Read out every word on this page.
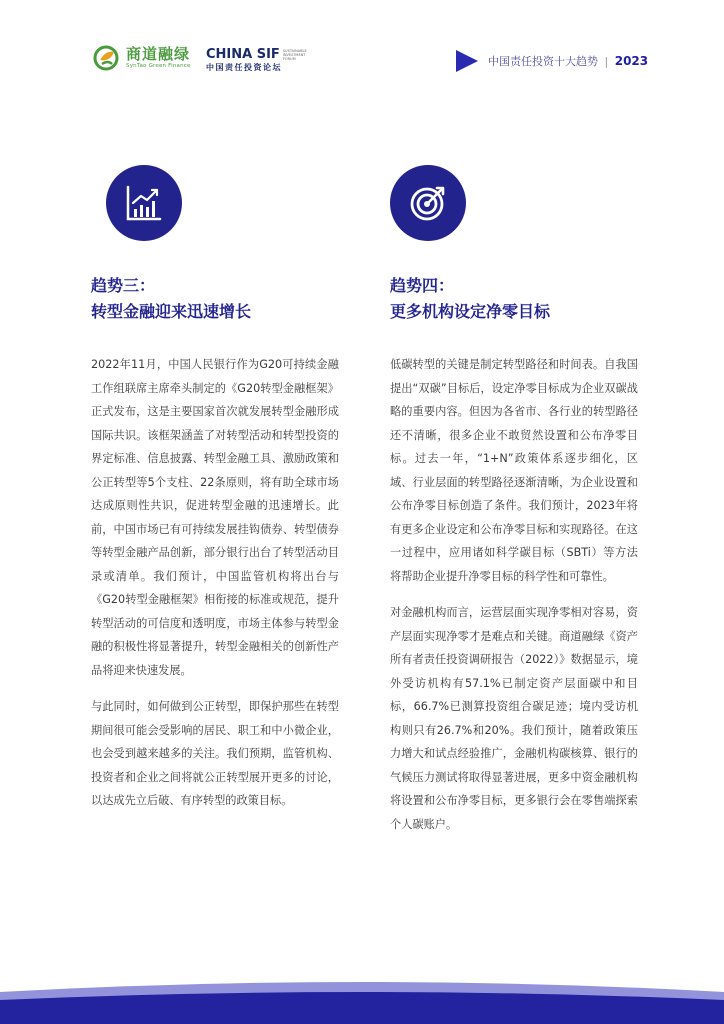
商道融绿
SynTao Green Finance
CHINA SIF SUSTAINABLE INVESTMENT FORUM
中国责任投资论坛	中国责任投资十大趋势 | 2023
趋势三：
转型金融迎来迅速增长

2022年11月，中国人民银行作为G20可持续金融工作组联席主席牵头制定的《G20转型金融框架》正式发布，这是主要国家首次就发展转型金融形成国际共识。该框架涵盖了对转型活动和转型投资的界定标准、信息披露、转型金融工具、激励政策和公正转型等5个支柱、22条原则，将有助全球市场达成原则性共识，促进转型金融的迅速增长。此前，中国市场已有可持续发展挂钩债券、转型债券等转型金融产品创新，部分银行出台了转型活动目录或清单。我们预计，中国监管机构将出台与《G20转型金融框架》相衔接的标准或规范，提升转型活动的可信度和透明度，市场主体参与转型金融的积极性将显著提升，转型金融相关的创新性产品将迎来快速发展。

与此同时，如何做到公正转型，即保护那些在转型期间很可能会受影响的居民、职工和中小微企业，也会受到越来越多的关注。我们预期，监管机构、投资者和企业之间将就公正转型展开更多的讨论，以达成先立后破、有序转型的政策目标。

趋势四：
更多机构设定净零目标

低碳转型的关键是制定转型路径和时间表。自我国提出“双碳”目标后，设定净零目标成为企业双碳战略的重要内容。但因为各省市、各行业的转型路径还不清晰，很多企业不敢贸然设置和公布净零目标。过去一年，“1+N”政策体系逐步细化，区域、行业层面的转型路径逐渐清晰，为企业设置和公布净零目标创造了条件。我们预计，2023年将有更多企业设定和公布净零目标和实现路径。在这一过程中，应用诸如科学碳目标（SBTi）等方法将帮助企业提升净零目标的科学性和可靠性。

对金融机构而言，运营层面实现净零相对容易，资产层面实现净零才是难点和关键。商道融绿《资产所有者责任投资调研报告（2022）》数据显示，境外受访机构有57.1%已制定资产层面碳中和目标，66.7%已测算投资组合碳足迹；境内受访机构则只有26.7%和20%。我们预计，随着政策压力增大和试点经验推广，金融机构碳核算、银行的气候压力测试将取得显著进展，更多中资金融机构将设置和公布净零目标，更多银行会在零售端探索个人碳账户。
